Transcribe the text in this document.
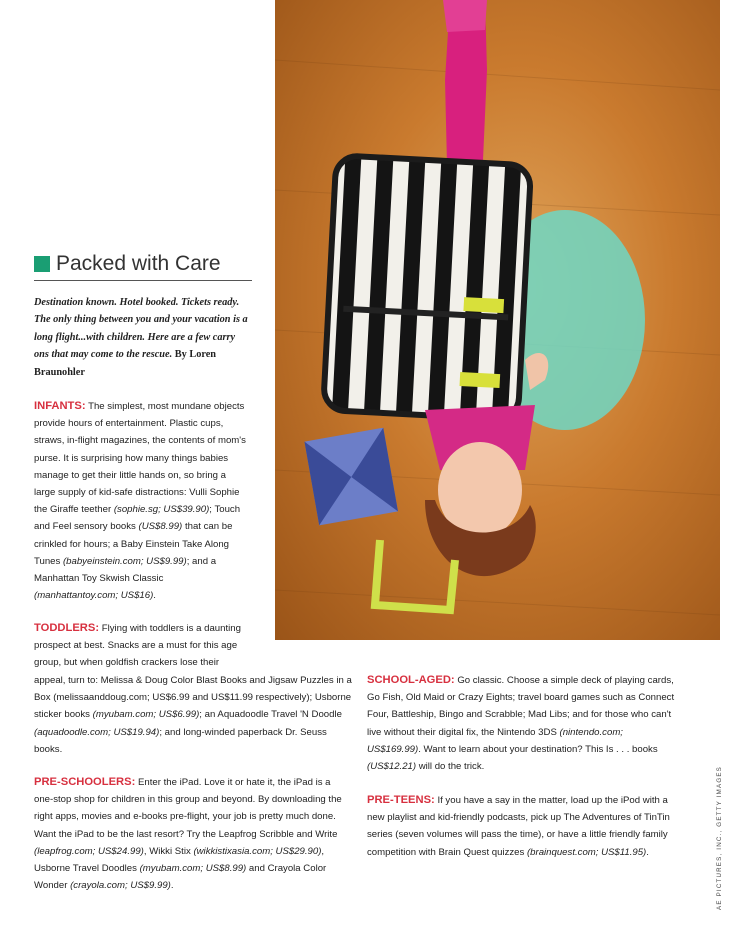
Packed with Care
Destination known. Hotel booked. Tickets ready. The only thing between you and your vacation is a long flight...with children. Here are a few carry ons that may come to the rescue. By Loren Braunohler

INFANTS: The simplest, most mundane objects provide hours of entertainment. Plastic cups, straws, in-flight magazines, the contents of mom's purse. It is surprising how many things babies manage to get their little hands on, so bring a large supply of kid-safe distractions: Vulli Sophie the Giraffe teether (sophie.sg; US$39.90); Touch and Feel sensory books (US$8.99) that can be crinkled for hours; a Baby Einstein Take Along Tunes (babyeinstein.com; US$9.99); and a Manhattan Toy Skwish Classic (manhattantoy.com; US$16).

TODDLERS: Flying with toddlers is a daunting prospect at best. Snacks are a must for this age group, but when goldfish crackers lose their

appeal, turn to: Melissa & Doug Color Blast Books and Jigsaw Puzzles in a Box (melissaanddoug.com; US$6.99 and US$11.99 respectively); Usborne sticker books (myubam.com; US$6.99); an Aquadoodle Travel 'N Doodle (aquadoodle.com; US$19.94); and long-winded paperback Dr. Seuss books.

PRE-SCHOOLERS: Enter the iPad. Love it or hate it, the iPad is a one-stop shop for children in this group and beyond. By downloading the right apps, movies and e-books pre-flight, your job is pretty much done. Want the iPad to be the last resort? Try the Leapfrog Scribble and Write (leapfrog.com; US$24.99), Wikki Stix (wikkistixasia.com; US$29.90), Usborne Travel Doodles (myubam.com; US$8.99) and Crayola Color Wonder (crayola.com; US$9.99).

SCHOOL-AGED: Go classic. Choose a simple deck of playing cards, Go Fish, Old Maid or Crazy Eights; travel board games such as Connect Four, Battleship, Bingo and Scrabble; Mad Libs; and for those who can't live without their digital fix, the Nintendo 3DS (nintendo.com; US$169.99). Want to learn about your destination? This Is . . . books (US$12.21) will do the trick.

PRE-TEENS: If you have a say in the matter, load up the iPod with a new playlist and kid-friendly podcasts, pick up The Adventures of TinTin series (seven volumes will pass the time), or have a little friendly family competition with Brain Quest quizzes (brainquest.com; US$11.95).	AE PICTURES, INC., GETTY IMAGES
